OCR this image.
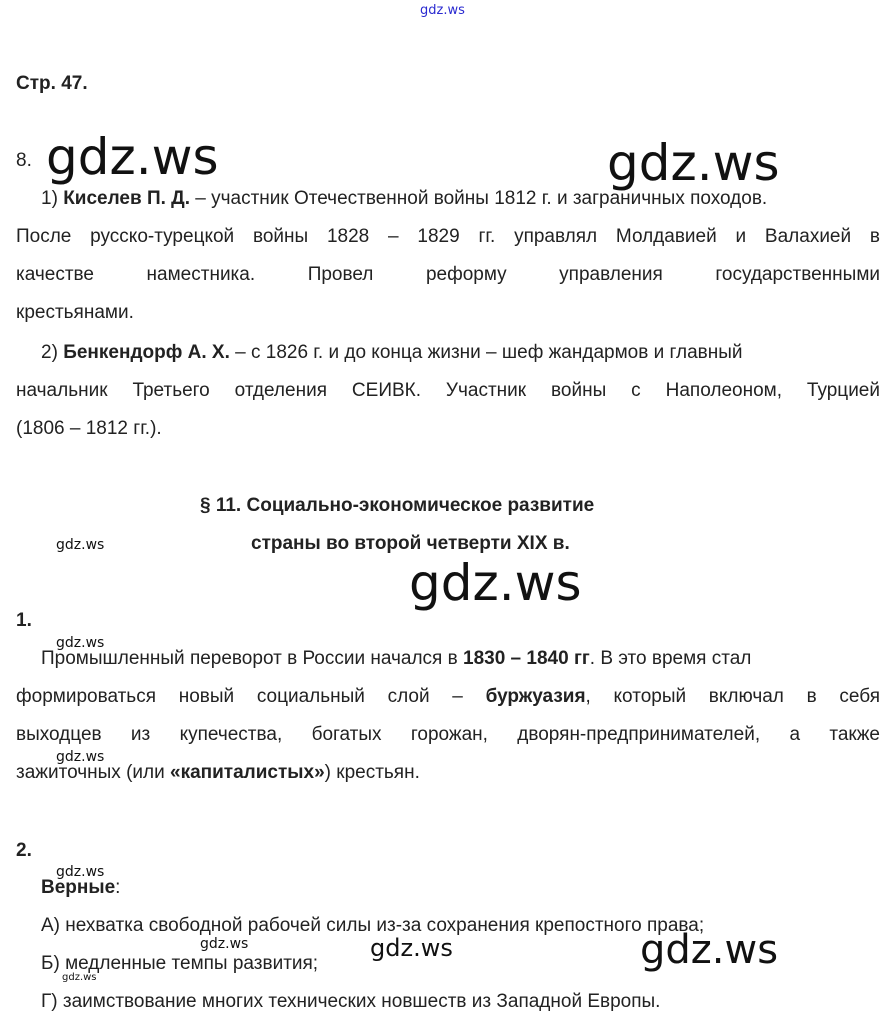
gdz.ws
Стр. 47.
8. gdz.ws	gdz.ws
1) Киселев П. Д. – участник Отечественной войны 1812 г. и заграничных походов.
После русско-турецкой войны 1828 – 1829 гг. управлял Молдавией и Валахией в
качестве наместника. Провел реформу управления государственными
крестьянами.
2) Бенкендорф А. Х. – с 1826 г. и до конца жизни – шеф жандармов и главный
начальник Третьего отделения СЕИВК. Участник войны с Наполеоном, Турцией
(1806 – 1812 гг.).
§ 11. Социально-экономическое развитие
gdz.ws	страны во второй четверти XIX в.
gdz.ws
1.
gdz.ws
Промышленный переворот в России начался в 1830 – 1840 гг. В это время стал
формироваться новый социальный слой – буржуазия, который включал в себя
выходцев из купечества, богатых горожан, дворян-предпринимателей, а также
gdz.ws
зажиточных (или «капиталистых») крестьян.
2.
gdz.ws
Верные:
А) нехватка свободной рабочей силы из-за сохранения крепостного права;
gdz.ws	gdz.ws	gdz.ws
Б) медленные темпы развития;
gdz.ws
Г) заимствование многих технических новшеств из Западной Европы.
